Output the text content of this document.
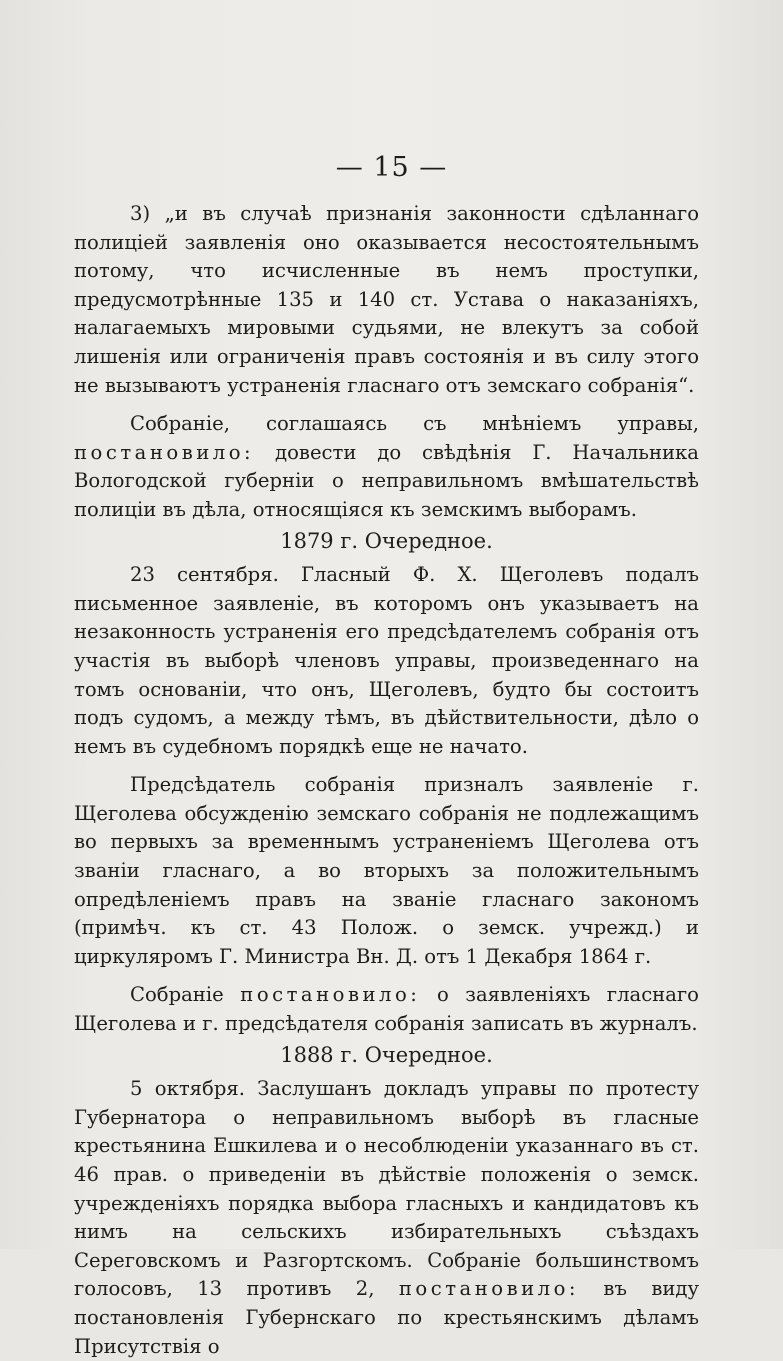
— 15 —

3) „и въ случаѣ признанія законности сдѣланнаго полиціей заявленія оно оказывается несостоятельнымъ потому, что исчисленные въ немъ проступки, предусмотрѣнные 135 и 140 ст. Устава о наказаніяхъ, налагаемыхъ мировыми судьями, не влекутъ за собой лишенія или ограниченія правъ состоянія и въ силу этого не вызываютъ устраненія гласнаго отъ земскаго собранія“.

Собраніе, соглашаясь съ мнѣніемъ управы, постановило: довести до свѣдѣнія Г. Начальника Вологодской губерніи о неправильномъ вмѣшательствѣ полиціи въ дѣла, относящіяся къ земскимъ выборамъ.

1879 г. Очередное.

23 сентября. Гласный Ф. Х. Щеголевъ подалъ письменное заявленіе, въ которомъ онъ указываетъ на незаконность устраненія его предсѣдателемъ собранія отъ участія въ выборѣ членовъ управы, произведеннаго на томъ основаніи, что онъ, Щеголевъ, будто бы состоитъ подъ судомъ, а между тѣмъ, въ дѣйствительности, дѣло о немъ въ судебномъ порядкѣ еще не начато.

Предсѣдатель собранія призналъ заявленіе г. Щеголева обсужденію земскаго собранія не подлежащимъ во первыхъ за временнымъ устраненіемъ Щеголева отъ званіи гласнаго, а во вторыхъ за положительнымъ опредѣленіемъ правъ на званіе гласнаго закономъ (примѣч. къ ст. 43 Полож. о земск. учрежд.) и циркуляромъ Г. Министра Вн. Д. отъ 1 Декабря 1864 г.

Собраніе постановило: о заявленіяхъ гласнаго Щеголева и г. предсѣдателя собранія записать въ журналъ.

1888 г. Очередное.

5 октября. Заслушанъ докладъ управы по протесту Губернатора о неправильномъ выборѣ въ гласные крестьянина Ешкилева и о несоблюденіи указаннаго въ ст. 46 прав. о приведеніи въ дѣйствіе положенія о земск. учрежденіяхъ порядка выбора гласныхъ и кандидатовъ къ нимъ на сельскихъ избирательныхъ съѣздахъ Сереговскомъ и Разгортскомъ. Собраніе большинствомъ голосовъ, 13 противъ 2, постановило: въ виду постановленія Губернскаго по крестьянскимъ дѣламъ Присутствія о
